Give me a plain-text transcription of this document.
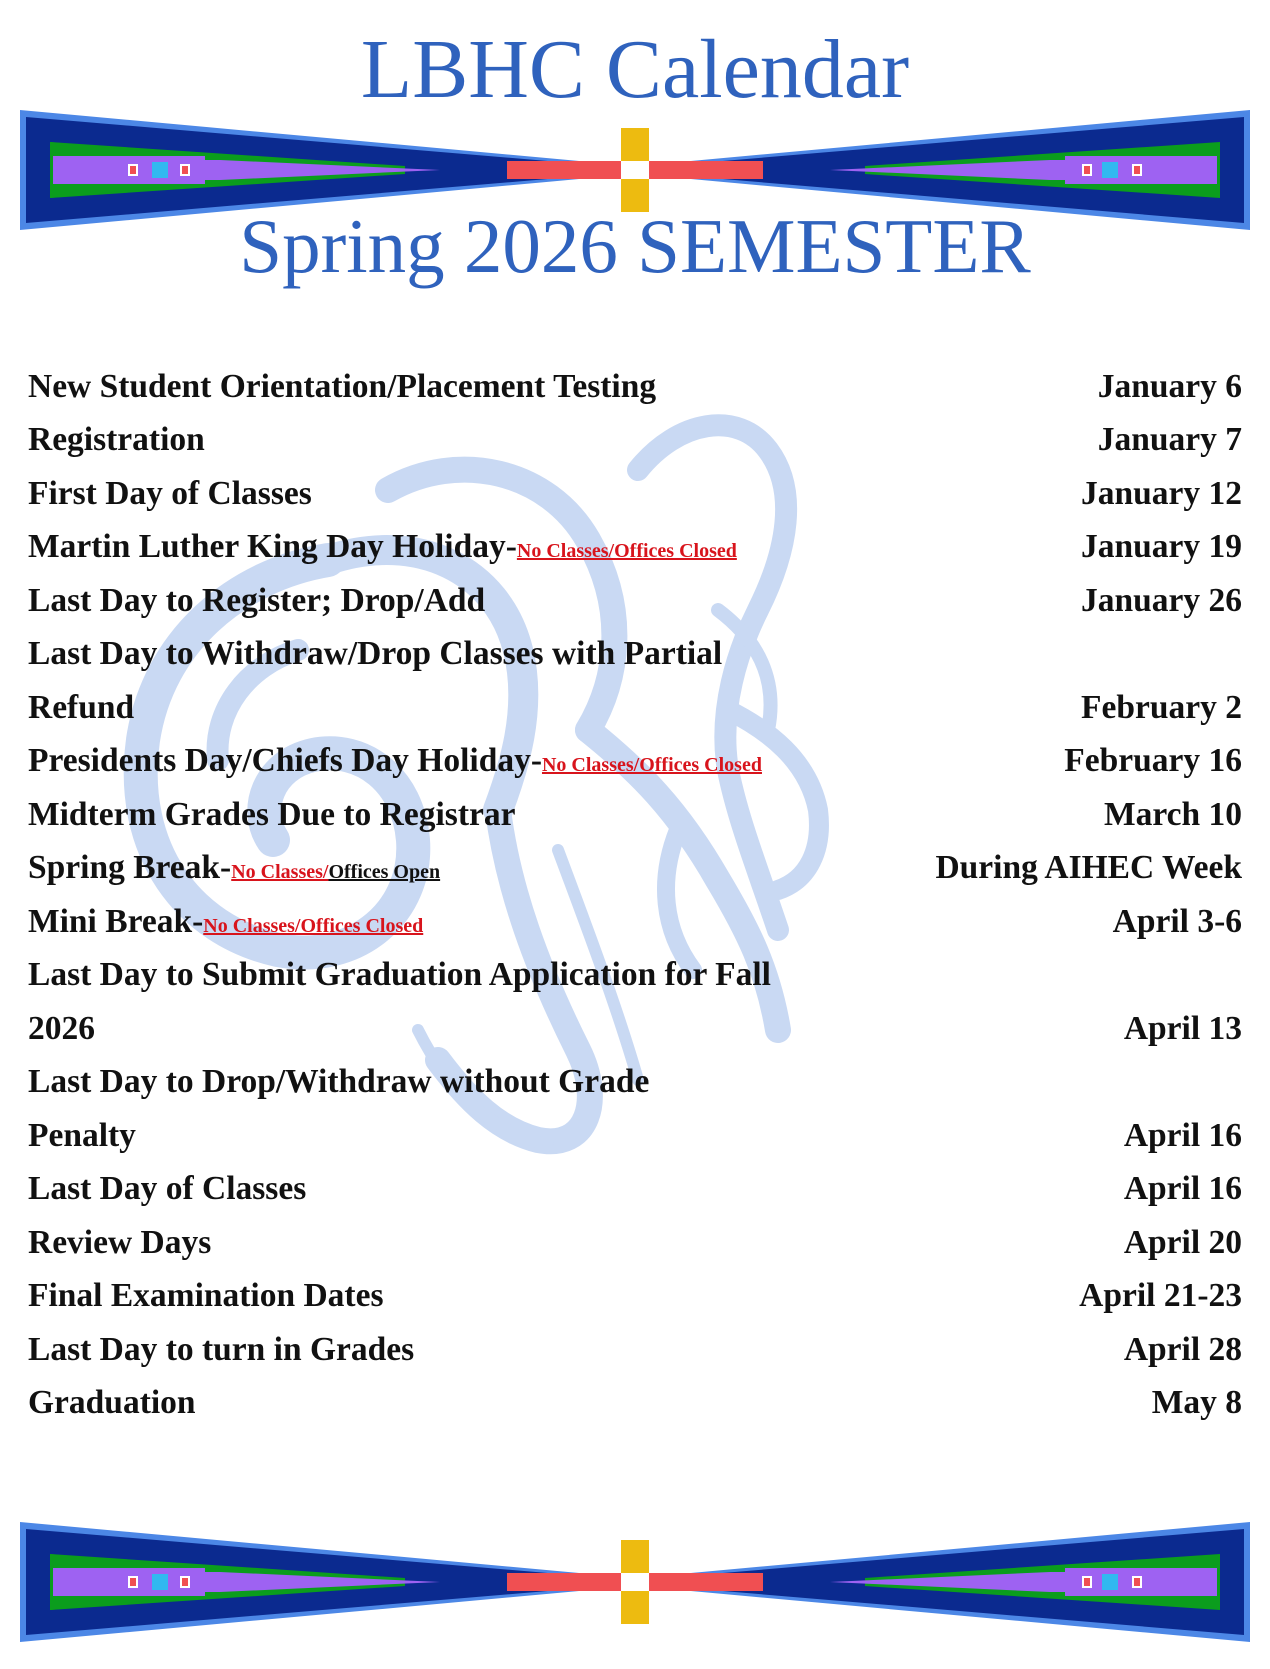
LBHC Calendar
Spring 2026 SEMESTER
New Student Orientation/Placement Testing	January 6
Registration	January 7
First Day of Classes	January 12
Martin Luther King Day Holiday-No Classes/Offices Closed	January 19
Last Day to Register; Drop/Add	January 26
Last Day to Withdraw/Drop Classes with Partial
Refund	February 2
Presidents Day/Chiefs Day Holiday-No Classes/Offices Closed	February 16
Midterm Grades Due to Registrar	March 10
Spring Break-No Classes/Offices Open	During AIHEC Week
Mini Break-No Classes/Offices Closed	April 3-6
Last Day to Submit Graduation Application for Fall
2026	April 13
Last Day to Drop/Withdraw without Grade
Penalty	April 16
Last Day of Classes	April 16
Review Days	April 20
Final Examination Dates	April 21-23
Last Day to turn in Grades	April 28
Graduation	May 8
